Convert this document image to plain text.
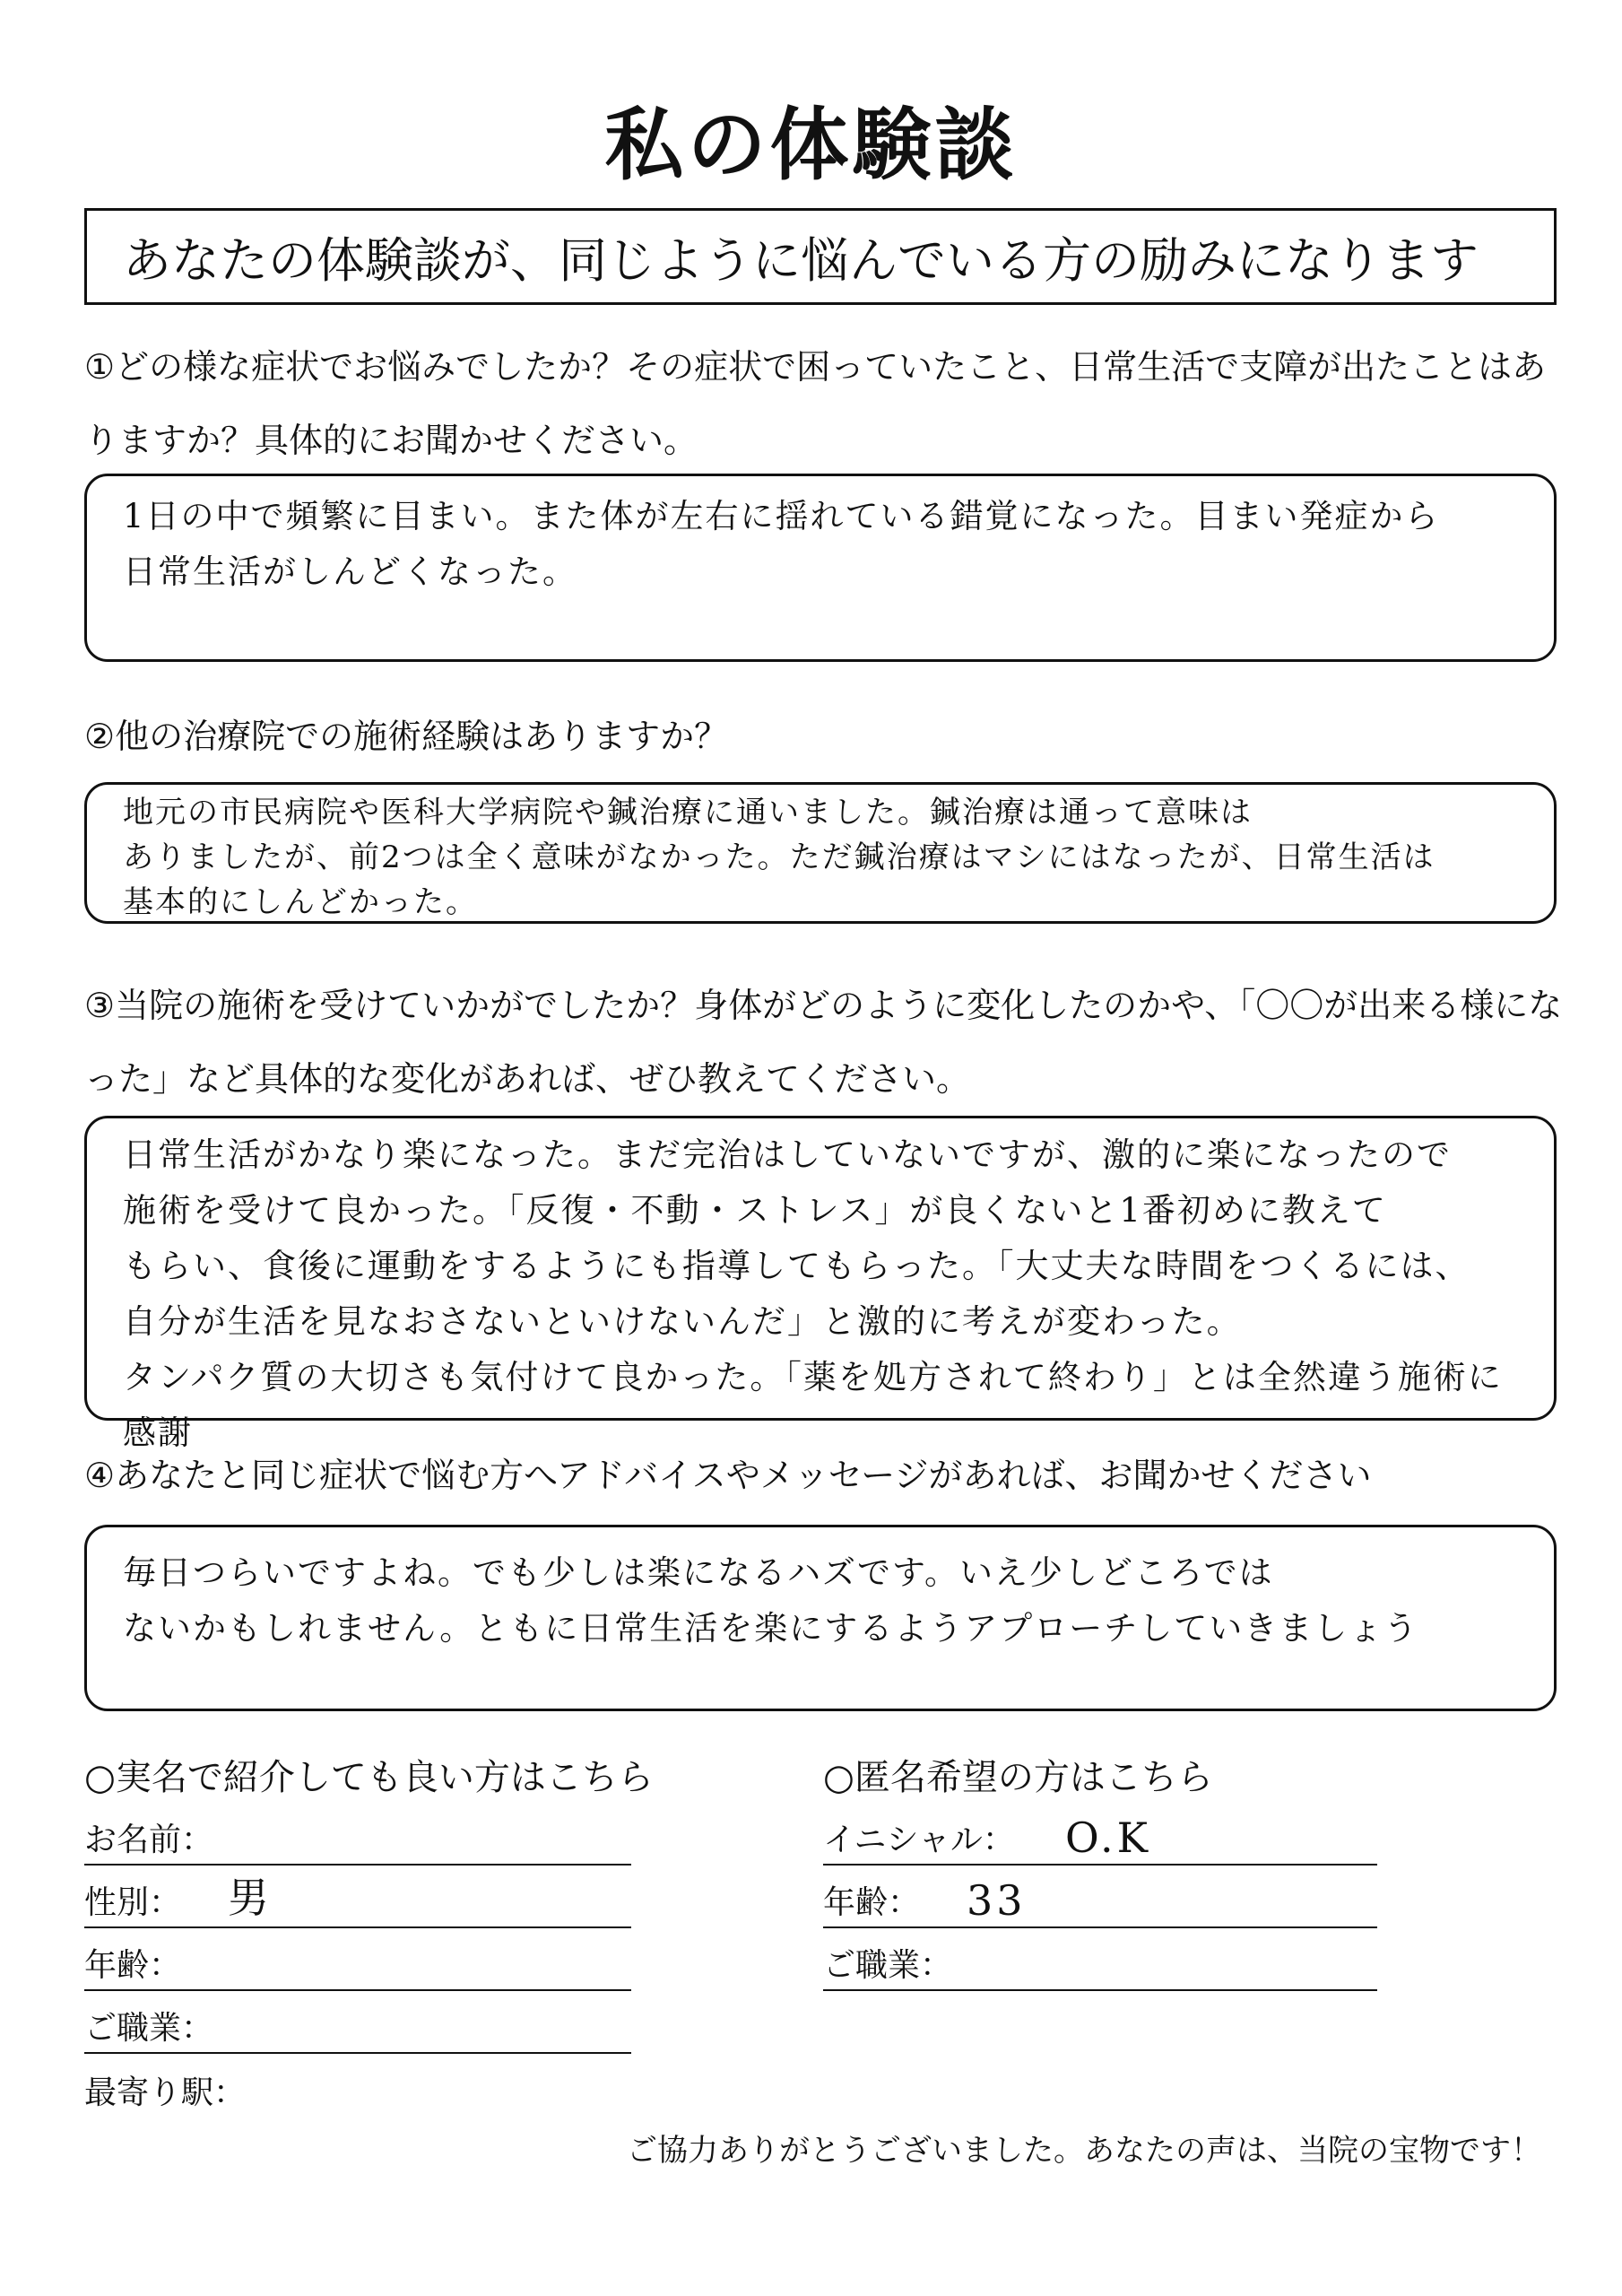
私の体験談
あなたの体験談が、同じように悩んでいる方の励みになります

①どの様な症状でお悩みでしたか？その症状で困っていたこと、日常生活で支障が出たことはありますか？具体的にお聞かせください。

1日の中で頻繁に目まい。また体が左右に揺れている錯覚になった。目まい発症から
日常生活がしんどくなった。

②他の治療院での施術経験はありますか？

地元の市民病院や医科大学病院や鍼治療に通いました。鍼治療は通って意味は
ありましたが、前2つは全く意味がなかった。ただ鍼治療はマシにはなったが、日常生活は
基本的にしんどかった。

③当院の施術を受けていかがでしたか？身体がどのように変化したのかや、「〇〇が出来る様になった」など具体的な変化があれば、ぜひ教えてください。

日常生活がかなり楽になった。まだ完治はしていないですが、激的に楽になったので
施術を受けて良かった。「反復・不動・ストレス」が良くないと1番初めに教えて
もらい、食後に運動をするようにも指導してもらった。「大丈夫な時間をつくるには、
自分が生活を見なおさないといけないんだ」と激的に考えが変わった。
タンパク質の大切さも気付けて良かった。「薬を処方されて終わり」とは全然違う施術に感謝

④あなたと同じ症状で悩む方へアドバイスやメッセージがあれば、お聞かせください

毎日つらいですよね。でも少しは楽になるハズです。いえ少しどころでは
ないかもしれません。ともに日常生活を楽にするようアプローチしていきましょう

○実名で紹介しても良い方はこちら
お名前：
性別： 男
年齢：
ご職業：
最寄り駅：
○匿名希望の方はこちら
イニシャル： O.K
年齢： 33
ご職業：
ご協力ありがとうございました。あなたの声は、当院の宝物です！
